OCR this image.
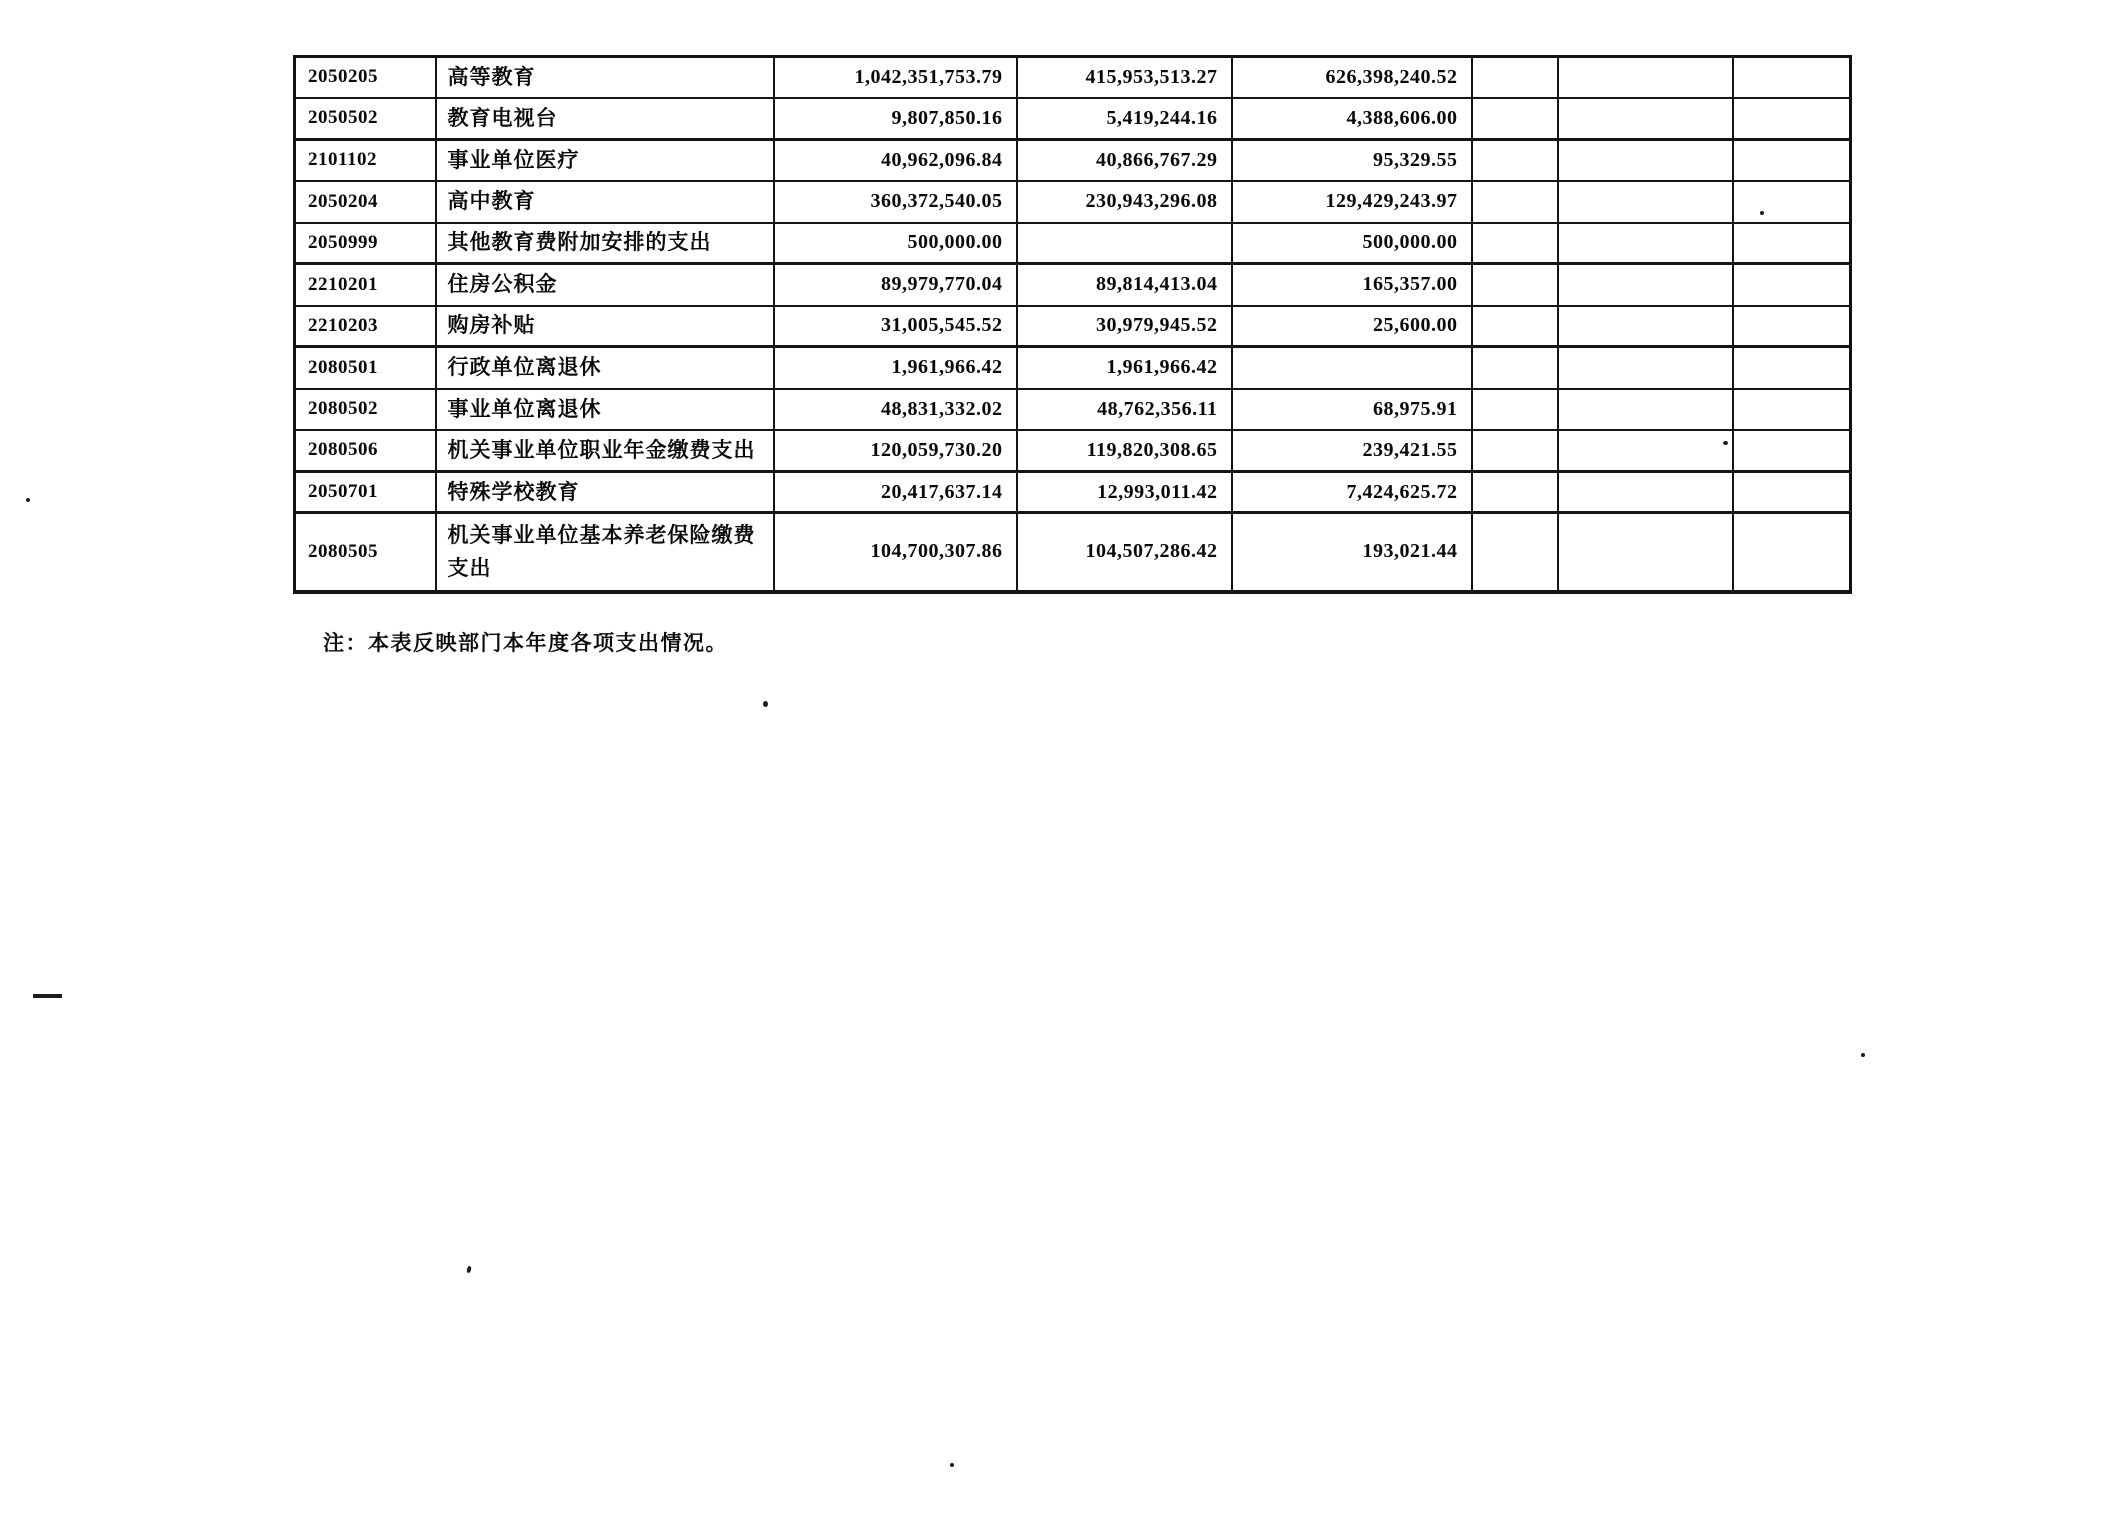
2050205	高等教育	1,042,351,753.79	415,953,513.27	626,398,240.52			
2050502	教育电视台	9,807,850.16	5,419,244.16	4,388,606.00			
2101102	事业单位医疗	40,962,096.84	40,866,767.29	95,329.55			
2050204	高中教育	360,372,540.05	230,943,296.08	129,429,243.97			
2050999	其他教育费附加安排的支出	500,000.00		500,000.00			
2210201	住房公积金	89,979,770.04	89,814,413.04	165,357.00			
2210203	购房补贴	31,005,545.52	30,979,945.52	25,600.00			
2080501	行政单位离退休	1,961,966.42	1,961,966.42				
2080502	事业单位离退休	48,831,332.02	48,762,356.11	68,975.91			
2080506	机关事业单位职业年金缴费支出	120,059,730.20	119,820,308.65	239,421.55			
2050701	特殊学校教育	20,417,637.14	12,993,011.42	7,424,625.72			
2080505	机关事业单位基本养老保险缴费支出	104,700,307.86	104,507,286.42	193,021.44			
注：本表反映部门本年度各项支出情况。
